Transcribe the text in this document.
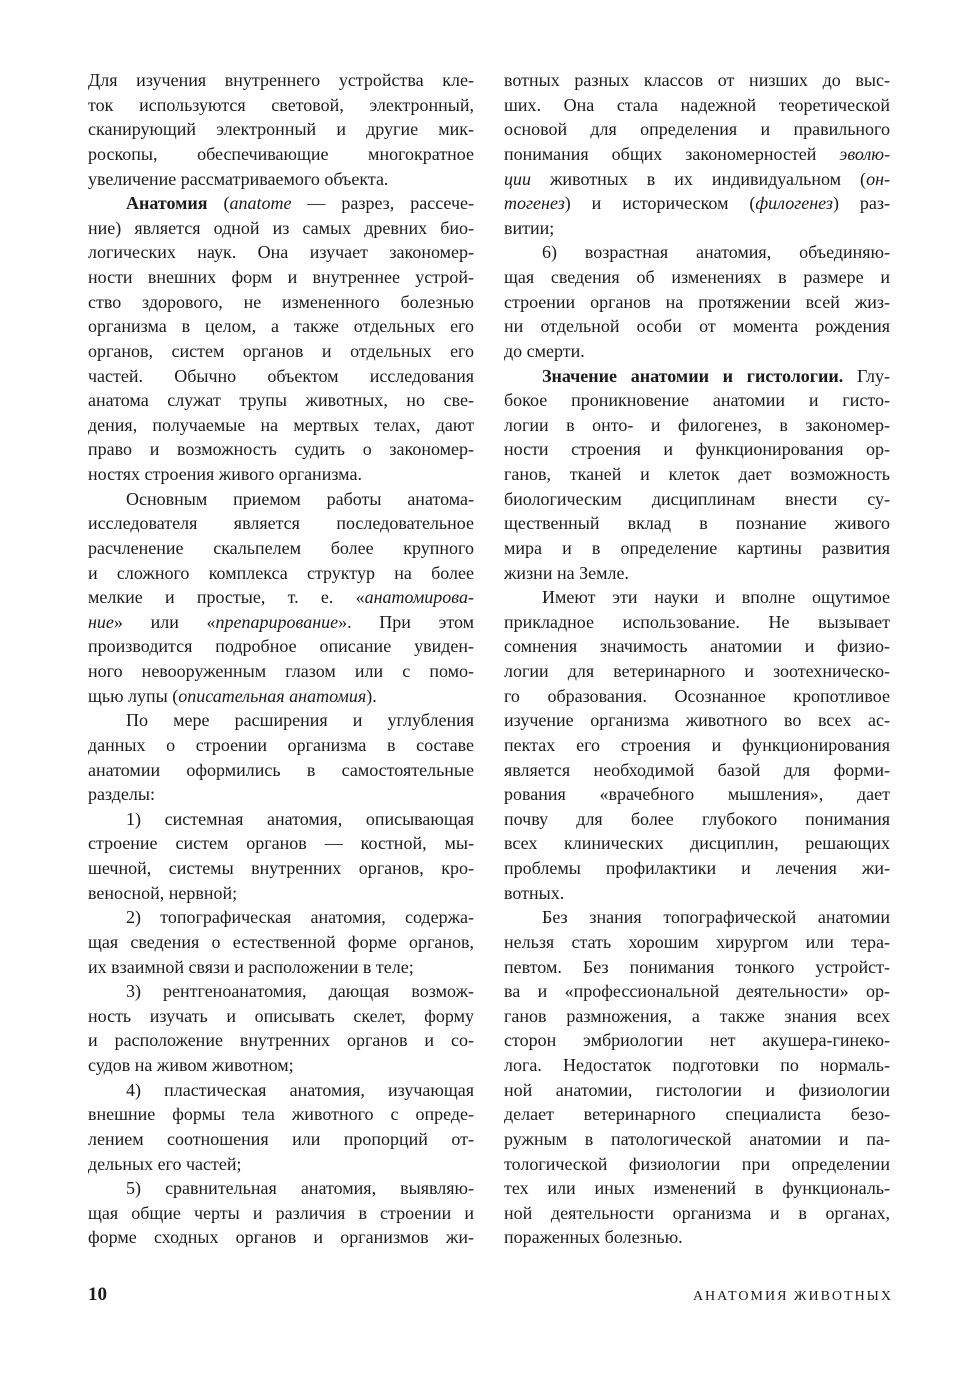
Для изучения внутреннего устройства кле-
ток используются световой, электронный,
сканирующий электронный и другие мик-
роскопы, обеспечивающие многократное
увеличение рассматриваемого объекта.
Анатомия (anatome — разрез, рассече-
ние) является одной из самых древних био-
логических наук. Она изучает закономер-
ности внешних форм и внутреннее устрой-
ство здорового, не измененного болезнью
организма в целом, а также отдельных его
органов, систем органов и отдельных его
частей. Обычно объектом исследования
анатома служат трупы животных, но све-
дения, получаемые на мертвых телах, дают
право и возможность судить о закономер-
ностях строения живого организма.
Основным приемом работы анатома-
исследователя является последовательное
расчленение скальпелем более крупного
и сложного комплекса структур на более
мелкие и простые, т. е. «анатомирова-
ние» или «препарирование». При этом
производится подробное описание увиден-
ного невооруженным глазом или с помо-
щью лупы (описательная анатомия).
По мере расширения и углубления
данных о строении организма в составе
анатомии оформились в самостоятельные
разделы:
1) системная анатомия, описывающая
строение систем органов — костной, мы-
шечной, системы внутренних органов, кро-
веносной, нервной;
2) топографическая анатомия, содержа-
щая сведения о естественной форме органов,
их взаимной связи и расположении в теле;
3) рентгеноанатомия, дающая возмож-
ность изучать и описывать скелет, форму
и расположение внутренних органов и со-
судов на живом животном;
4) пластическая анатомия, изучающая
внешние формы тела животного с опреде-
лением соотношения или пропорций от-
дельных его частей;
5) сравнительная анатомия, выявляю-
щая общие черты и различия в строении и
форме сходных органов и организмов жи-
вотных разных классов от низших до выс-
ших. Она стала надежной теоретической
основой для определения и правильного
понимания общих закономерностей эволю-
ции животных в их индивидуальном (он-
тогенез) и историческом (филогенез) раз-
витии;
6) возрастная анатомия, объединяю-
щая сведения об изменениях в размере и
строении органов на протяжении всей жиз-
ни отдельной особи от момента рождения
до смерти.
Значение анатомии и гистологии. Глу-
бокое проникновение анатомии и гисто-
логии в онто- и филогенез, в закономер-
ности строения и функционирования ор-
ганов, тканей и клеток дает возможность
биологическим дисциплинам внести су-
щественный вклад в познание живого
мира и в определение картины развития
жизни на Земле.
Имеют эти науки и вполне ощутимое
прикладное использование. Не вызывает
сомнения значимость анатомии и физио-
логии для ветеринарного и зоотехническо-
го образования. Осознанное кропотливое
изучение организма животного во всех ас-
пектах его строения и функционирования
является необходимой базой для форми-
рования «врачебного мышления», дает
почву для более глубокого понимания
всех клинических дисциплин, решающих
проблемы профилактики и лечения жи-
вотных.
Без знания топографической анатомии
нельзя стать хорошим хирургом или тера-
певтом. Без понимания тонкого устройст-
ва и «профессиональной деятельности» ор-
ганов размножения, а также знания всех
сторон эмбриологии нет акушера-гинеко-
лога. Недостаток подготовки по нормаль-
ной анатомии, гистологии и физиологии
делает ветеринарного специалиста безо-
ружным в патологической анатомии и па-
тологической физиологии при определении
тех или иных изменений в функциональ-
ной деятельности организма и в органах,
пораженных болезнью.
10	АНАТОМИЯ ЖИВОТНЫХ
